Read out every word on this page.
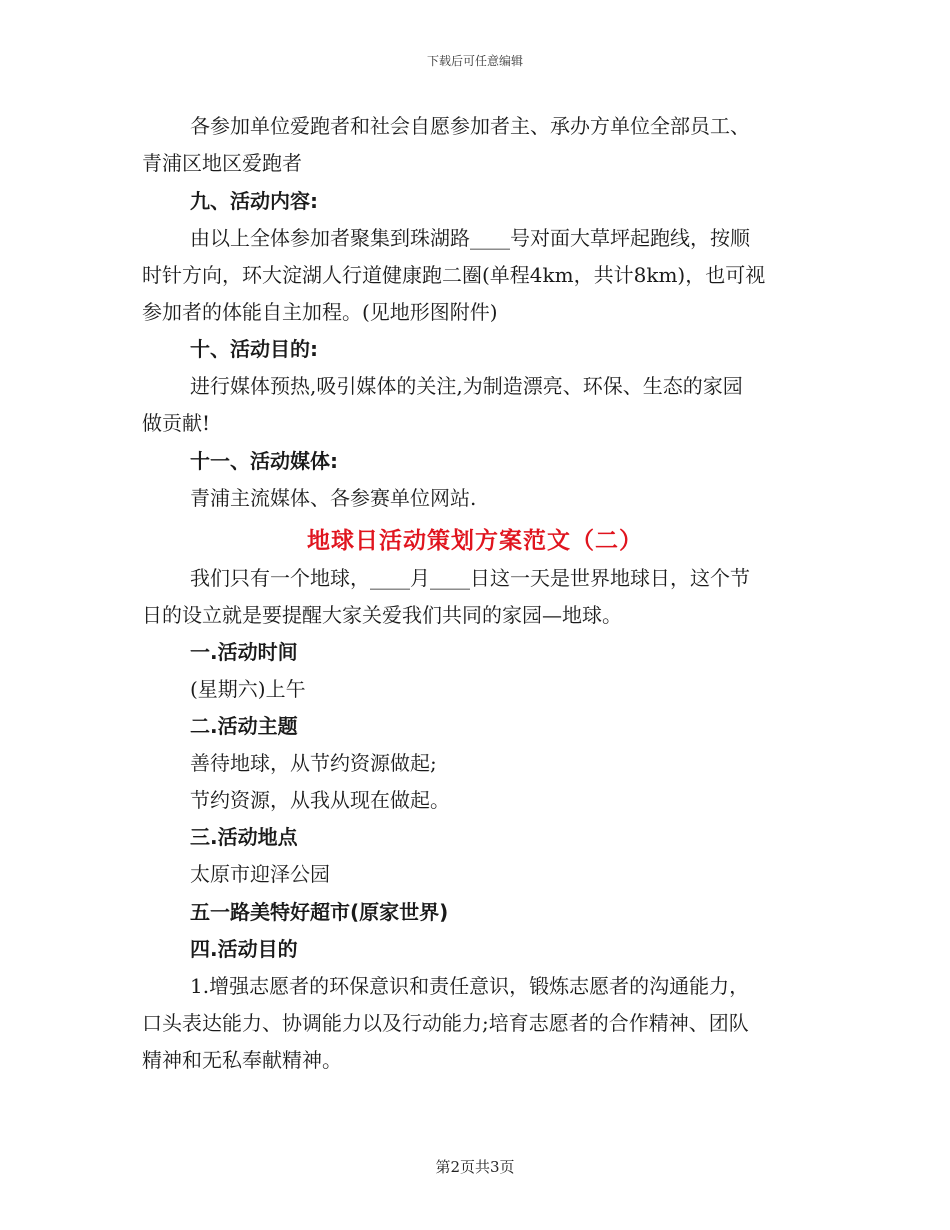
下载后可任意编辑
各参加单位爱跑者和社会自愿参加者主、承办方单位全部员工、
青浦区地区爱跑者
九、活动内容:
由以上全体参加者聚集到珠湖路____号对面大草坪起跑线，按顺
时针方向，环大淀湖人行道健康跑二圈(单程4km，共计8km)，也可视
参加者的体能自主加程。(见地形图附件)
十、活动目的:
进行媒体预热,吸引媒体的关注,为制造漂亮、环保、生态的家园
做贡献!
十一、活动媒体:
青浦主流媒体、各参赛单位网站.
地球日活动策划方案范文（二）
我们只有一个地球，____月____日这一天是世界地球日，这个节
日的设立就是要提醒大家关爱我们共同的家园—地球。
一.活动时间
(星期六)上午
二.活动主题
善待地球，从节约资源做起;
节约资源，从我从现在做起。
三.活动地点
太原市迎泽公园
五一路美特好超市(原家世界)
四.活动目的
1.增强志愿者的环保意识和责任意识，锻炼志愿者的沟通能力，
口头表达能力、协调能力以及行动能力;培育志愿者的合作精神、团队
精神和无私奉献精神。
第2页共3页
